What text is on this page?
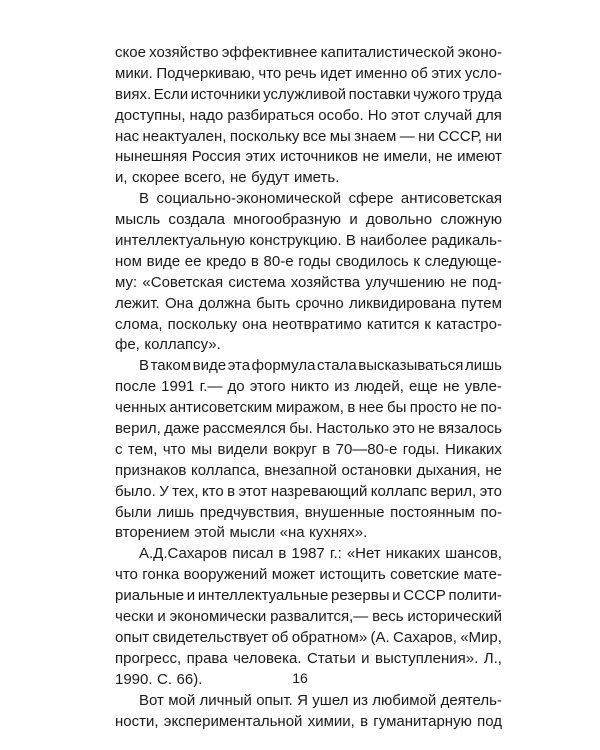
ское хозяйство эффективнее капиталистической эконо-
мики. Подчеркиваю, что речь идет именно об этих усло-
виях. Если источники услужливой поставки чужого труда
доступны, надо разбираться особо. Но этот случай для
нас неактуален, поскольку все мы знаем — ни СССР, ни
нынешняя Россия этих источников не имели, не имеют
и, скорее всего, не будут иметь.
В социально-экономической сфере антисоветская
мысль создала многообразную и довольно сложную
интеллектуальную конструкцию. В наиболее радикаль-
ном виде ее кредо в 80-е годы сводилось к следующе-
му: «Советская система хозяйства улучшению не под-
лежит. Она должна быть срочно ликвидирована путем
слома, поскольку она неотвратимо катится к катастро-
фе, коллапсу».
В таком виде эта формула стала высказываться лишь
после 1991 г.— до этого никто из людей, еще не увле-
ченных антисоветским миражом, в нее бы просто не по-
верил, даже рассмеялся бы. Настолько это не вязалось
с тем, что мы видели вокруг в 70—80-е годы. Никаких
признаков коллапса, внезапной остановки дыхания, не
было. У тех, кто в этот назревающий коллапс верил, это
были лишь предчувствия, внушенные постоянным по-
вторением этой мысли «на кухнях».
А.Д.Сахаров писал в 1987 г.: «Нет никаких шансов,
что гонка вооружений может истощить советские мате-
риальные и интеллектуальные резервы и СССР полити-
чески и экономически развалится,— весь исторический
опыт свидетельствует об обратном» (А. Сахаров, «Мир,
прогресс, права человека. Статьи и выступления». Л.,
1990. С. 66).
Вот мой личный опыт. Я ушел из любимой деятель-
ности, экспериментальной химии, в гуманитарную под
16
